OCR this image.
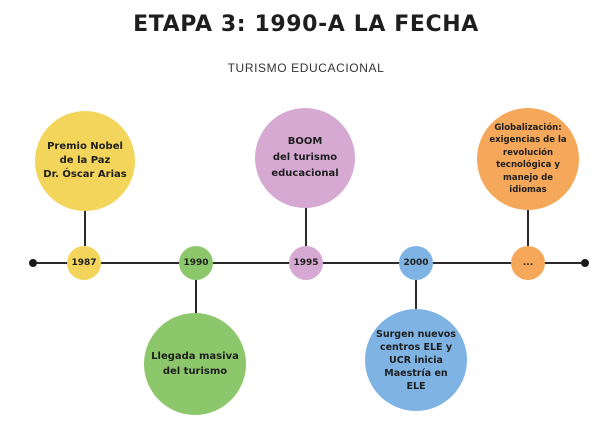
ETAPA 3: 1990-A LA FECHA
TURISMO EDUCACIONAL
Premio Nobel
de la Paz
Dr. Óscar Arias
Llegada masiva
del turismo
BOOM
del turismo
educacional
Surgen nuevos
centros ELE y
UCR inicia
Maestría en
ELE
Globalización:
exigencias de la
revolución
tecnológica y
manejo de
idiomas
1987	1990	1995	2000	...
